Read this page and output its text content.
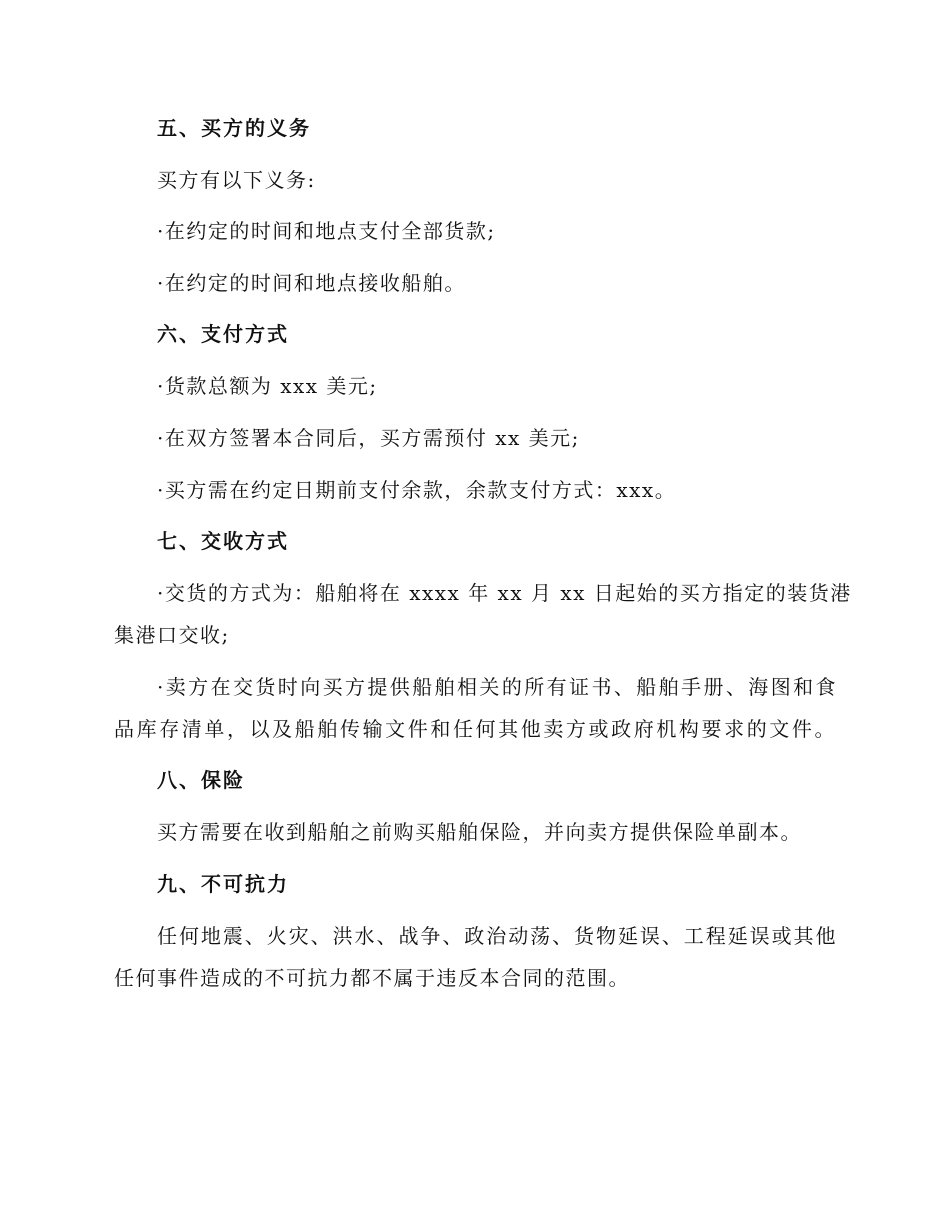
五、买方的义务
买方有以下义务:
·在约定的时间和地点支付全部货款;
·在约定的时间和地点接收船舶。
六、支付方式
·货款总额为 xxx 美元;
·在双方签署本合同后，买方需预付 xx 美元;
·买方需在约定日期前支付余款，余款支付方式：xxx。
七、交收方式
·交货的方式为：船舶将在 xxxx 年 xx 月 xx 日起始的买方指定的装货港
集港口交收;
·卖方在交货时向买方提供船舶相关的所有证书、船舶手册、海图和食
品库存清单，以及船舶传输文件和任何其他卖方或政府机构要求的文件。
八、保险
买方需要在收到船舶之前购买船舶保险，并向卖方提供保险单副本。
九、不可抗力
任何地震、火灾、洪水、战争、政治动荡、货物延误、工程延误或其他
任何事件造成的不可抗力都不属于违反本合同的范围。
